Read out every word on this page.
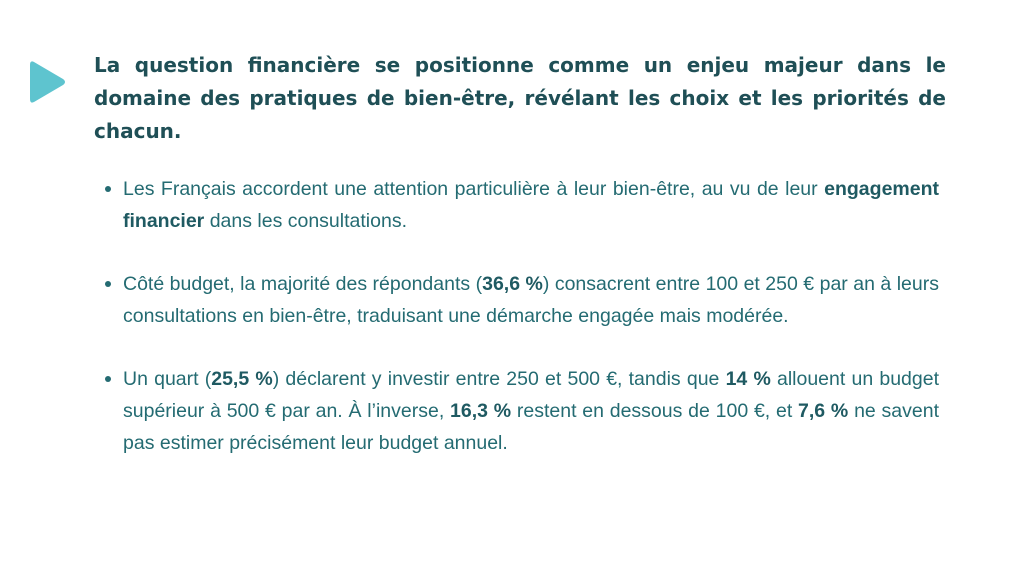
La question financière se positionne comme un enjeu majeur dans le domaine des pratiques de bien-être, révélant les choix et les priorités de chacun.

Les Français accordent une attention particulière à leur bien-être, au vu de leur engagement financier dans les consultations.
Côté budget, la majorité des répondants (36,6 %) consacrent entre 100 et 250 € par an à leurs consultations en bien-être, traduisant une démarche engagée mais modérée.
Un quart (25,5 %) déclarent y investir entre 250 et 500 €, tandis que 14 % allouent un budget supérieur à 500 € par an. À l’inverse, 16,3 % restent en dessous de 100 €, et 7,6 % ne savent pas estimer précisément leur budget annuel.
